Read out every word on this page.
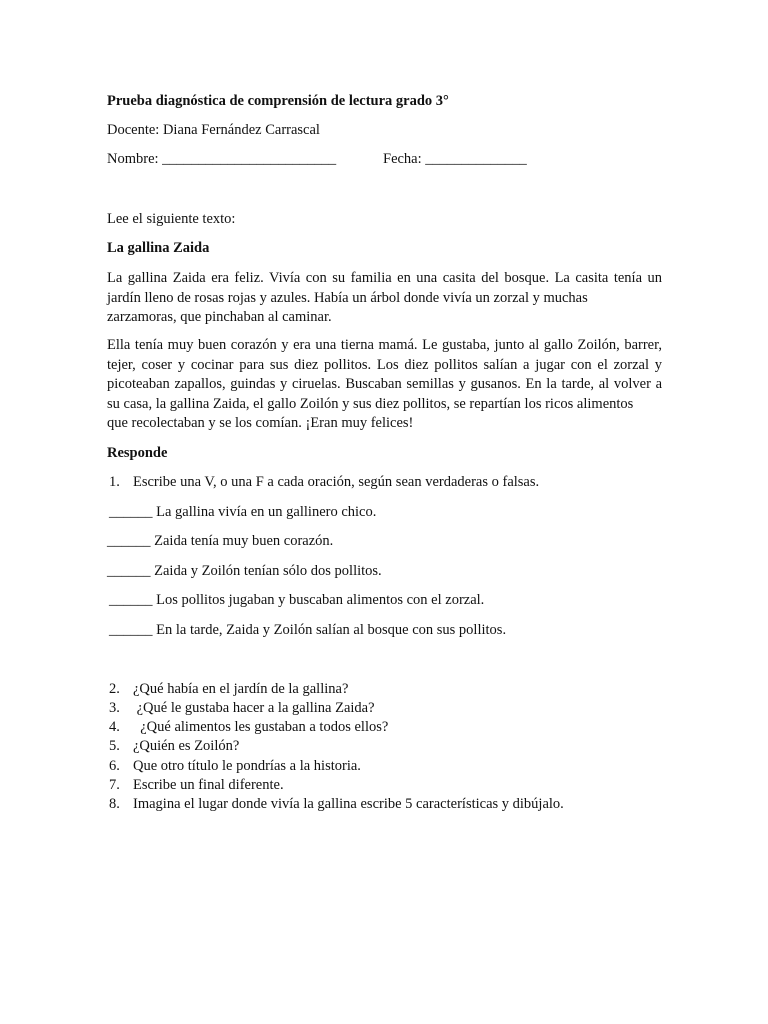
Prueba diagnóstica de comprensión de lectura grado 3°

Docente: Diana Fernández Carrascal

Nombre: ________________________	Fecha: ______________

Lee el siguiente texto:

La gallina Zaida

La gallina Zaida era feliz. Vivía con su familia en una casita del bosque. La casita tenía un jardín lleno de rosas rojas y azules. Había un árbol donde vivía un zorzal y muchas
zarzamoras, que pinchaban al caminar.
Ella tenía muy buen corazón y era una tierna mamá. Le gustaba, junto al gallo Zoilón, barrer, tejer, coser y cocinar para sus diez pollitos. Los diez pollitos salían a jugar con el zorzal y picoteaban zapallos, guindas y ciruelas. Buscaban semillas y gusanos. En la tarde, al volver a su casa, la gallina Zaida, el gallo Zoilón y sus diez pollitos, se repartían los ricos alimentos
que recolectaban y se los comían. ¡Eran muy felices!

Responde

1. Escribe una V, o una F a cada oración, según sean verdaderas o falsas.

______ La gallina vivía en un gallinero chico.

______ Zaida tenía muy buen corazón.

______ Zaida y Zoilón tenían sólo dos pollitos.

______ Los pollitos jugaban y buscaban alimentos con el zorzal.

______ En la tarde, Zaida y Zoilón salían al bosque con sus pollitos.

2. ¿Qué había en el jardín de la gallina?

3. ¿Qué le gustaba hacer a la gallina Zaida?

4.  ¿Qué alimentos les gustaban a todos ellos?

5. ¿Quién es Zoilón?

6. Que otro título le pondrías a la historia.

7. Escribe un final diferente.

8. Imagina el lugar donde vivía la gallina escribe 5 características y dibújalo.
